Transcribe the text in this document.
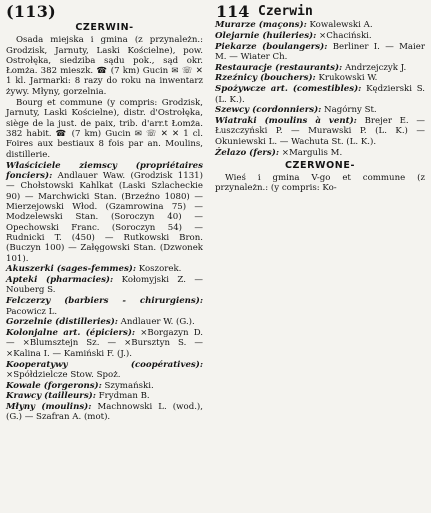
(113)	114 Czerwin
CZERWIN-
Osada miejska i gmina (z przynależn.: Grodzisk, Jarnuty, Laski Kościelne), pow. Ostrołęka, siedziba sądu pok., sąd okr. Łomża. 382 mieszk. ☎ (7 km) Gucin ✉ ☏ ✕ 1 kl. Jarmarki: 8 razy do roku na inwentarz żywy. Młyny, gorzelnia.
Bourg et commune (y compris: Grodzisk, Jarnuty, Laski Kościelne), distr. d'Ostrołęka, siège de la just. de paix, trib. d'arr.t Łomża. 382 habit. ☎ (7 km) Gucin ✉ ☏ ✕ ✕ 1 cl. Foires aux bestiaux 8 fois par an. Moulins, distillerie.
Właściciele ziemscy (propriétaires fonciers): Andlauer Waw. (Grodzisk 1131) — Chołstowski Kahlkat (Laski Szlacheckie 90) — Marchwicki Stan. (Brzeźno 1080) — Mierzejowski Włod. (Gzamrowina 75) — Modzelewski Stan. (Soroczyn 40) — Opechowski Franc. (Soroczyn 54) — Rudnicki T. (450) — Rutkowski Bron. (Buczyn 100) — Załęgowski Stan. (Dzwonek 101).
Akuszerki (sages-femmes): Koszorek.
Apteki (pharmacies): Kołomyjski Z. — Nouberg S.
Felczerzy (barbiers - chirurgiens): Pacowicz L.
Gorzelnie (distilleries): Andlauer W. (G.).
Kolonjalne art. (épiciers): ×Borgazyn D. — ×Blumsztejn Sz. — ×Bursztyn S. — ×Kalina I. — Kamiński F. (J.).
Kooperatywy (coopératives): ×Spółdzielcze Stow. Spoż.
Kowale (forgerons): Szymański.
Krawcy (tailleurs): Frydman B.
Młyny (moulins): Machnowski L. (wod.), (G.) — Szafran A. (mot).
Murarze (maçons): Kowalewski A.
Olejarnie (huileries): ×Chaciński.
Piekarze (boulangers): Berliner I. — Maier M. — Wiater Ch.
Restauracje (restaurants): Andrzejczyk J.
Rzeźnicy (bouchers): Krukowski W.
Spożywcze art. (comestibles): Kędzierski S. (L. K.).
Szewcy (cordonniers): Nagórny St.
Wiatraki (moulins à vent): Brejer E. — Łuszczyński P. — Murawski P. (L. K.) — Okuniewski L. — Wachuta St. (L. K.).
Żelazo (fers): ×Margulis M.
CZERWONE-
Wieś i gmina V-go et commune (z przynależn.: (y compris: Ko-
